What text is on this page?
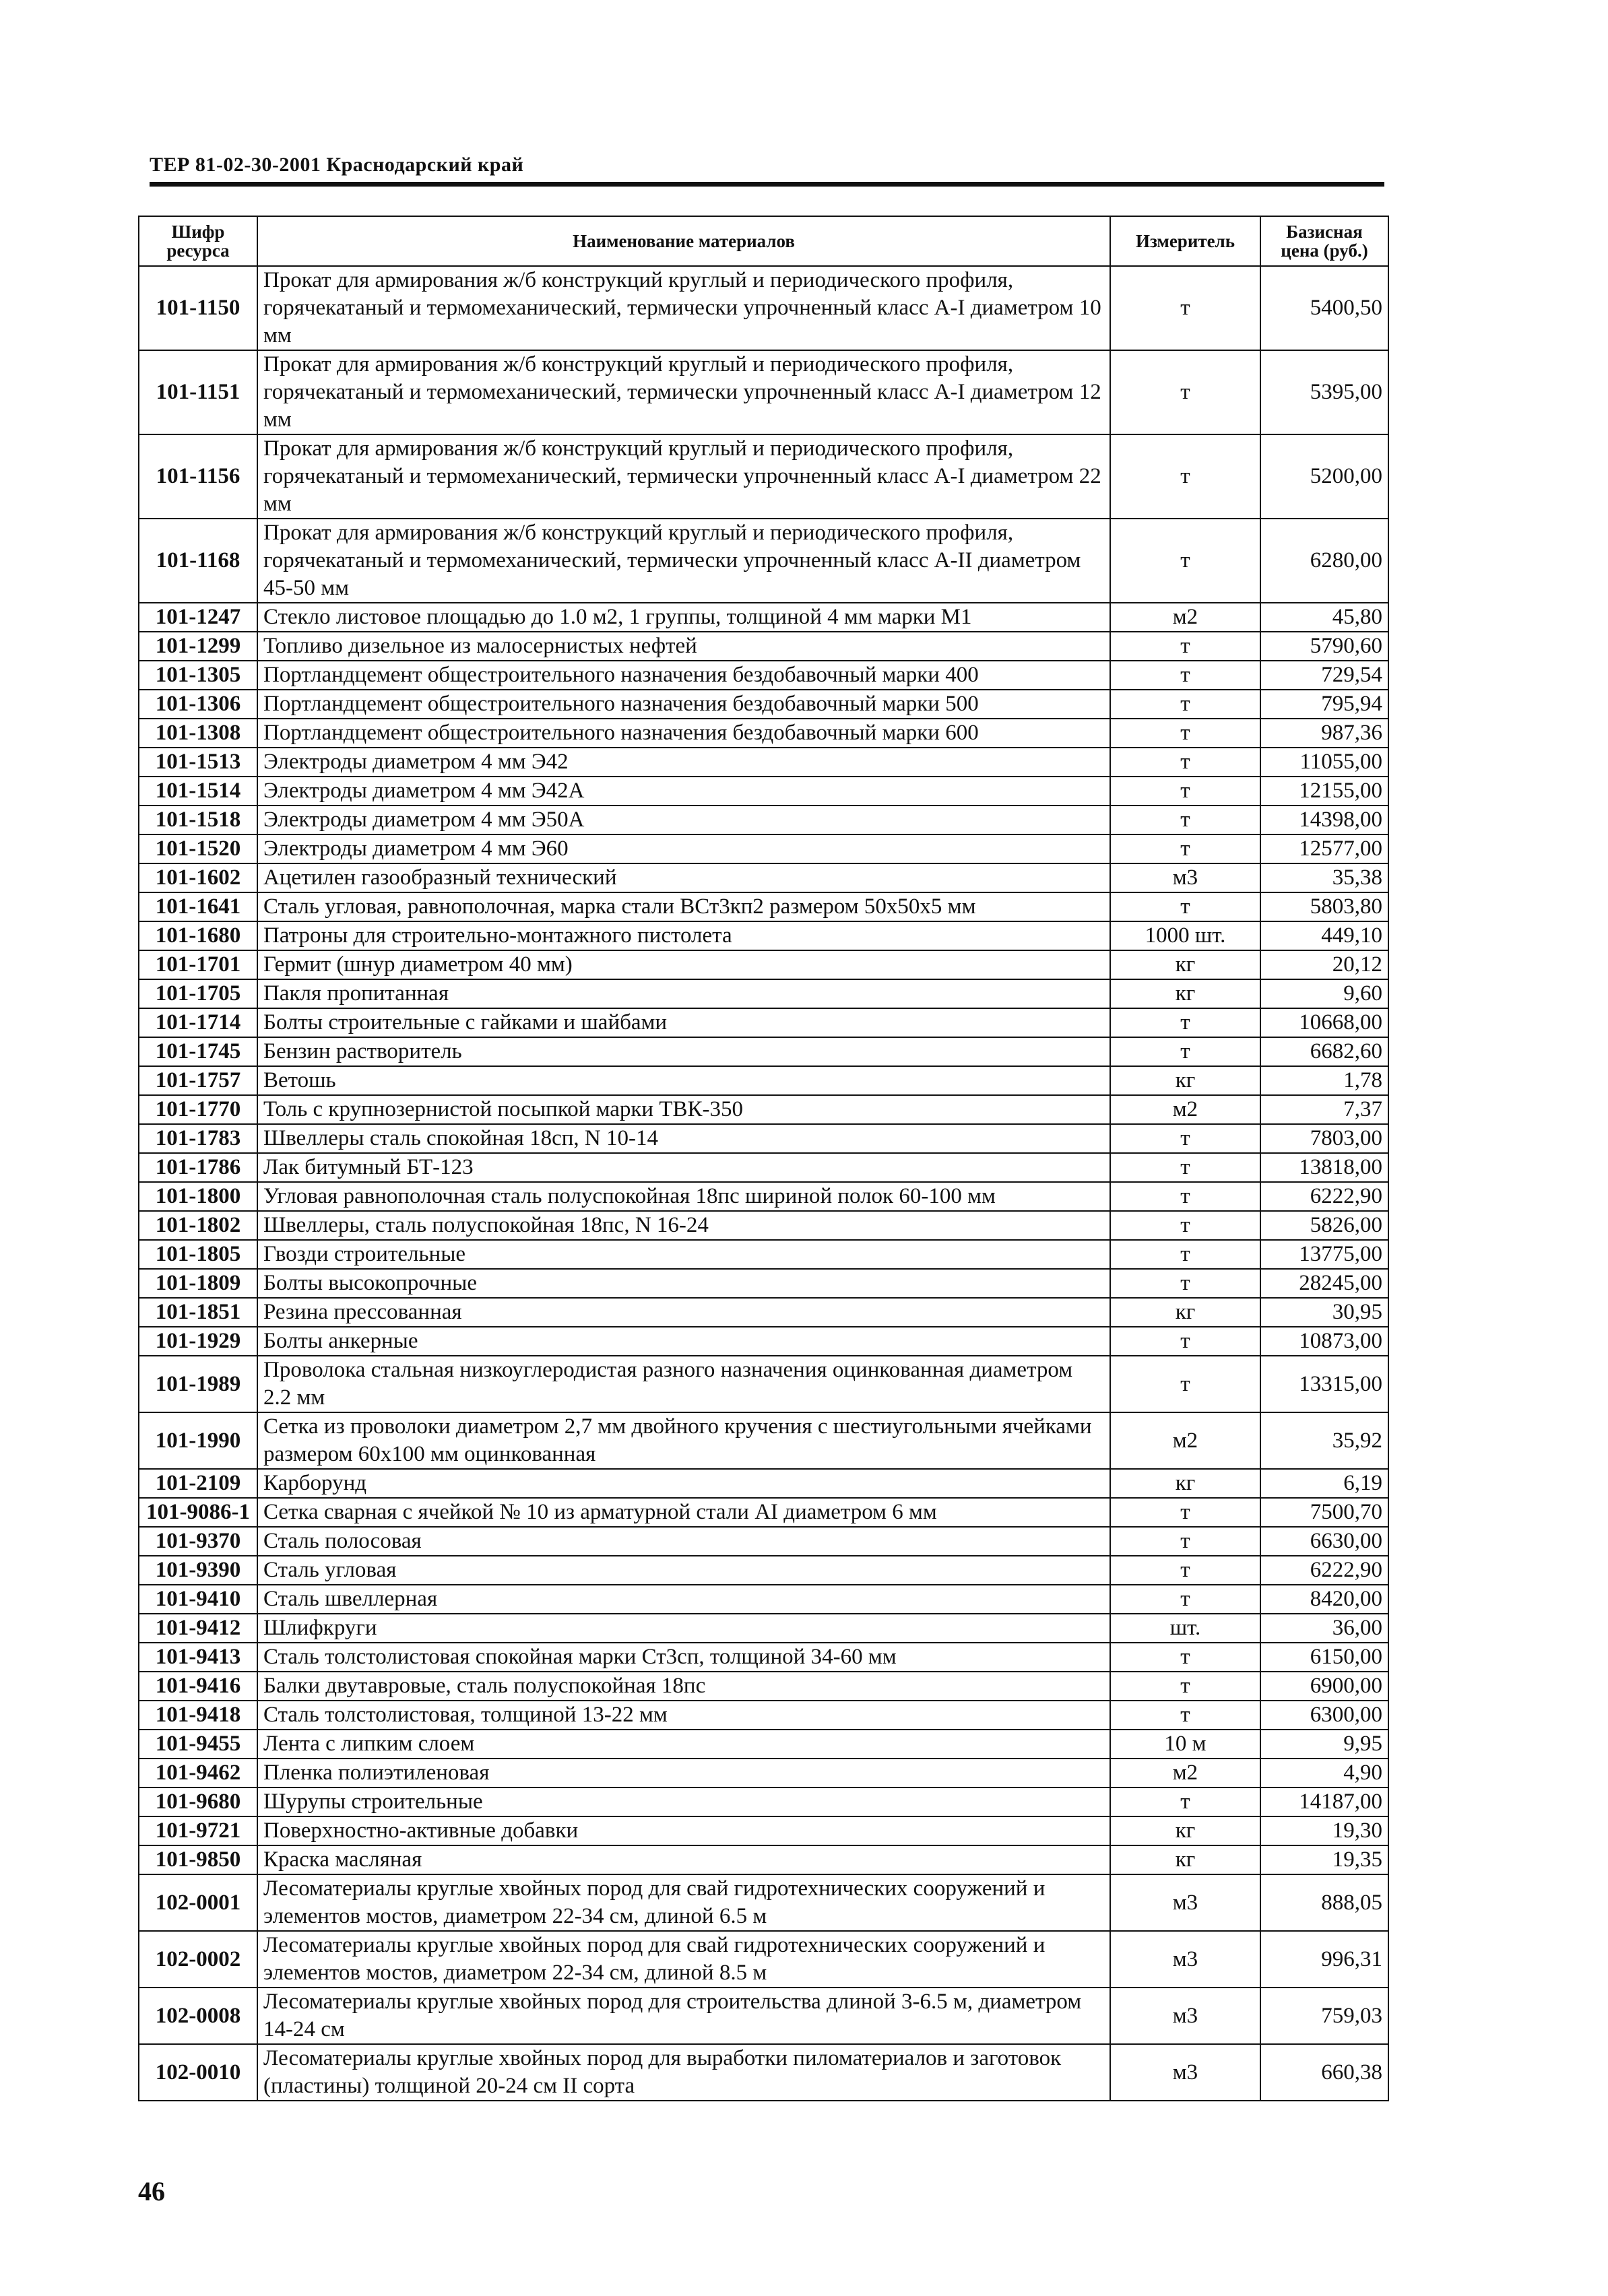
ТЕР 81-02-30-2001 Краснодарский край
Шифр ресурса	Наименование материалов	Измеритель	Базисная цена (руб.)
101-1150	Прокат для армирования ж/б конструкций круглый и периодического профиля, горячекатаный и термомеханический, термически упрочненный класс A-I диаметром 10 мм	т	5400,50
101-1151	Прокат для армирования ж/б конструкций круглый и периодического профиля, горячекатаный и термомеханический, термически упрочненный класс A-I диаметром 12 мм	т	5395,00
101-1156	Прокат для армирования ж/б конструкций круглый и периодического профиля, горячекатаный и термомеханический, термически упрочненный класс A-I диаметром 22 мм	т	5200,00
101-1168	Прокат для армирования ж/б конструкций круглый и периодического профиля, горячекатаный и термомеханический, термически упрочненный класс A-II диаметром 45-50 мм	т	6280,00
101-1247	Стекло листовое площадью до 1.0 м2, 1 группы, толщиной 4 мм марки М1	м2	45,80
101-1299	Топливо дизельное из малосернистых нефтей	т	5790,60
101-1305	Портландцемент общестроительного назначения бездобавочный марки 400	т	729,54
101-1306	Портландцемент общестроительного назначения бездобавочный марки 500	т	795,94
101-1308	Портландцемент общестроительного назначения бездобавочный марки 600	т	987,36
101-1513	Электроды диаметром 4 мм Э42	т	11055,00
101-1514	Электроды диаметром 4 мм Э42А	т	12155,00
101-1518	Электроды диаметром 4 мм Э50А	т	14398,00
101-1520	Электроды диаметром 4 мм Э60	т	12577,00
101-1602	Ацетилен газообразный технический	м3	35,38
101-1641	Сталь угловая, равнополочная, марка стали ВСт3кп2 размером 50х50х5 мм	т	5803,80
101-1680	Патроны для строительно-монтажного пистолета	1000 шт.	449,10
101-1701	Гермит (шнур диаметром 40 мм)	кг	20,12
101-1705	Пакля пропитанная	кг	9,60
101-1714	Болты строительные с гайками и шайбами	т	10668,00
101-1745	Бензин растворитель	т	6682,60
101-1757	Ветошь	кг	1,78
101-1770	Толь с крупнозернистой посыпкой марки ТВК-350	м2	7,37
101-1783	Швеллеры сталь спокойная 18сп, N 10-14	т	7803,00
101-1786	Лак битумный БТ-123	т	13818,00
101-1800	Угловая равнополочная сталь полуспокойная 18пс шириной полок 60-100 мм	т	6222,90
101-1802	Швеллеры, сталь полуспокойная 18пс, N 16-24	т	5826,00
101-1805	Гвозди строительные	т	13775,00
101-1809	Болты высокопрочные	т	28245,00
101-1851	Резина прессованная	кг	30,95
101-1929	Болты анкерные	т	10873,00
101-1989	Проволока стальная низкоуглеродистая разного назначения оцинкованная диаметром 2.2 мм	т	13315,00
101-1990	Сетка из проволоки диаметром 2,7 мм двойного кручения с шестиугольными ячейками размером 60х100 мм оцинкованная	м2	35,92
101-2109	Карборунд	кг	6,19
101-9086-1	Сетка сварная с ячейкой № 10 из арматурной стали AI диаметром 6 мм	т	7500,70
101-9370	Сталь полосовая	т	6630,00
101-9390	Сталь угловая	т	6222,90
101-9410	Сталь швеллерная	т	8420,00
101-9412	Шлифкруги	шт.	36,00
101-9413	Сталь толстолистовая спокойная марки Ст3сп, толщиной 34-60 мм	т	6150,00
101-9416	Балки двутавровые, сталь полуспокойная 18пс	т	6900,00
101-9418	Сталь толстолистовая, толщиной 13-22 мм	т	6300,00
101-9455	Лента с липким слоем	10 м	9,95
101-9462	Пленка полиэтиленовая	м2	4,90
101-9680	Шурупы строительные	т	14187,00
101-9721	Поверхностно-активные добавки	кг	19,30
101-9850	Краска масляная	кг	19,35
102-0001	Лесоматериалы круглые хвойных пород для свай гидротехнических сооружений и элементов мостов, диаметром 22-34 см, длиной 6.5 м	м3	888,05
102-0002	Лесоматериалы круглые хвойных пород для свай гидротехнических сооружений и элементов мостов, диаметром 22-34 см, длиной 8.5 м	м3	996,31
102-0008	Лесоматериалы круглые хвойных пород для строительства длиной 3-6.5 м, диаметром 14-24 см	м3	759,03
102-0010	Лесоматериалы круглые хвойных пород для выработки пиломатериалов и заготовок (пластины) толщиной 20-24 см II сорта	м3	660,38
46
